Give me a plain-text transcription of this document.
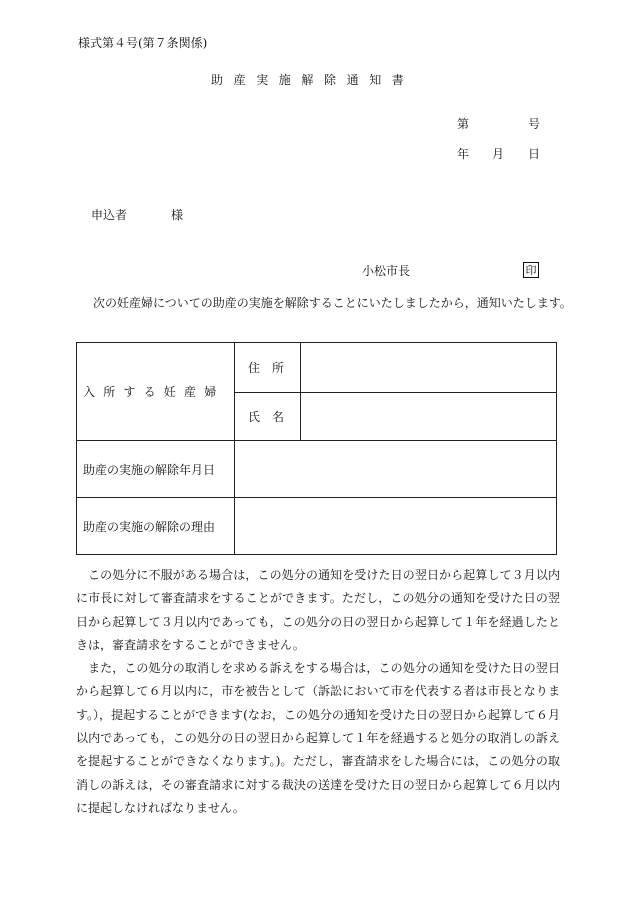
様式第４号(第７条関係)
助産実施解除通知書
第	号
年 月 日
申込者	様
小松市長	印
次の妊産婦についての助産の実施を解除することにいたしましたから，通知いたします。
入所する妊産婦	住　所	
	氏　名	
助産の実施の解除年月日		
助産の実施の解除の理由		

この処分に不服がある場合は，この処分の通知を受けた日の翌日から起算して３月以内に市長に対して審査請求をすることができます。ただし，この処分の通知を受けた日の翌日から起算して３月以内であっても，この処分の日の翌日から起算して１年を経過したときは，審査請求をすることができません。

また，この処分の取消しを求める訴えをする場合は，この処分の通知を受けた日の翌日から起算して６月以内に，市を被告として（訴訟において市を代表する者は市長となります。），提起することができます(なお，この処分の通知を受けた日の翌日から起算して６月以内であっても，この処分の日の翌日から起算して１年を経過すると処分の取消しの訴えを提起することができなくなります。)。ただし，審査請求をした場合には，この処分の取消しの訴えは，その審査請求に対する裁決の送達を受けた日の翌日から起算して６月以内に提起しなければなりません。
